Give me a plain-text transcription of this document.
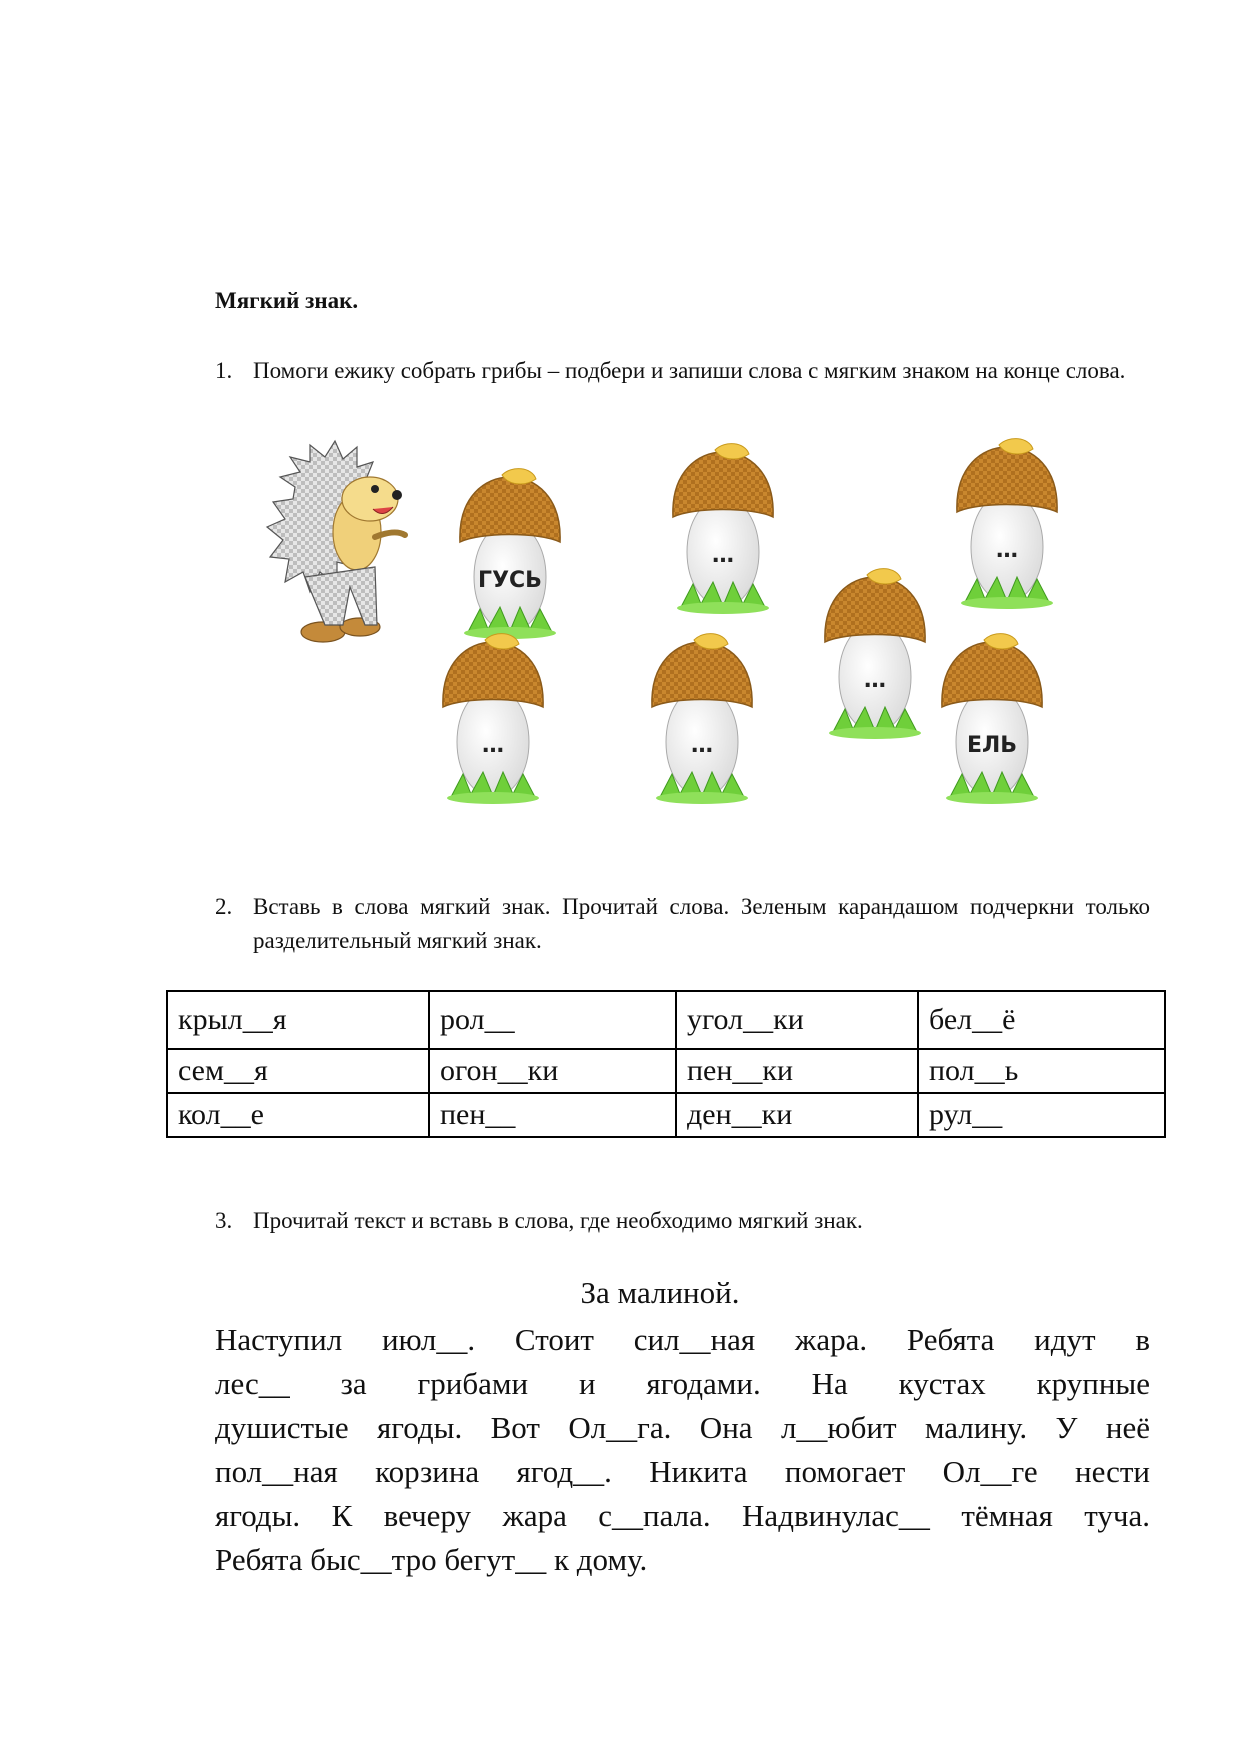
Мягкий знак.
1. Помоги ежику собрать грибы – подбери и запиши слова с мягким знаком на конце слова.
ГУСЬ
…	…
…
…	…	ЕЛЬ
2. Вставь в слова мягкий знак. Прочитай слова. Зеленым карандашом подчеркни только разделительный мягкий знак.
крыл__я	рол__	угол__ки	бел__ё
сем__я	огон__ки	пен__ки	пол__ь
кол__е	пен__	ден__ки	рул__
3. Прочитай текст и вставь в слова, где необходимо мягкий знак.
За малиной.
Наступил июл__. Стоит сил__ная жара. Ребята идут в
лес__ за грибами и ягодами. На кустах крупные
душистые ягоды. Вот Ол__га. Она л__юбит малину. У неё
пол__ная корзина ягод__. Никита помогает Ол__ге нести
ягоды. К вечеру жара с__пала. Надвинулас__ тёмная туча.
Ребята быс__тро бегут__ к дому.
